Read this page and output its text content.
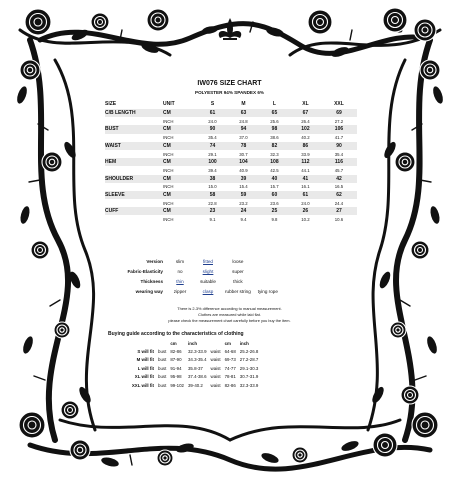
IW076 SIZE CHART
POLYESTER 94% SPANDEX 6%
SIZE	UNIT	S	M	L	XL	XXL
C/B LENGTH	CM	61	63	65	67	69
	INCH	24.0	24.8	25.6	26.4	27.2
BUST	CM	90	94	98	102	106
	INCH	35.4	37.0	38.6	40.2	41.7
WAIST	CM	74	78	82	86	90
	INCH	29.1	30.7	32.3	33.9	35.4
HEM	CM	100	104	108	112	116
	INCH	39.4	40.9	42.5	44.1	45.7
SHOULDER	CM	38	39	40	41	42
	INCH	15.0	15.4	15.7	16.1	16.5
SLEEVE	CM	58	59	60	61	62
	INCH	22.8	23.2	23.6	24.0	24.4
CUFF	CM	23	24	25	26	27
	INCH	9.1	9.4	9.8	10.2	10.6
Version	slim	fitted	loose	
Fabric-Elasticity	no	slight	super	
Thickness	thin	suitable	thick	
wearing way	zipper	clasp	rubber string	tying rope
There is 2-3% difference according to manual measurement.
Clothes are measured while laid flat.
please check the measurement chart carefully before you buy the item.
Buying guide according to the characteristics of clothing
		cm	inch		cm	inch
S will fit	bust	82-86	32.3-33.9	waist	64-68	25.2-26.8
M will fit	bust	87-90	34.3-35.4	waist	69-73	27.2-28.7
L will fit	bust	91-94	35.8-37	waist	74-77	29.1-30.3
XL will fit	bust	95-98	37.4-38.6	waist	78-81	30.7-31.9
XXL will fit	bust	99-102	39-40.2	waist	82-86	32.3-33.9
